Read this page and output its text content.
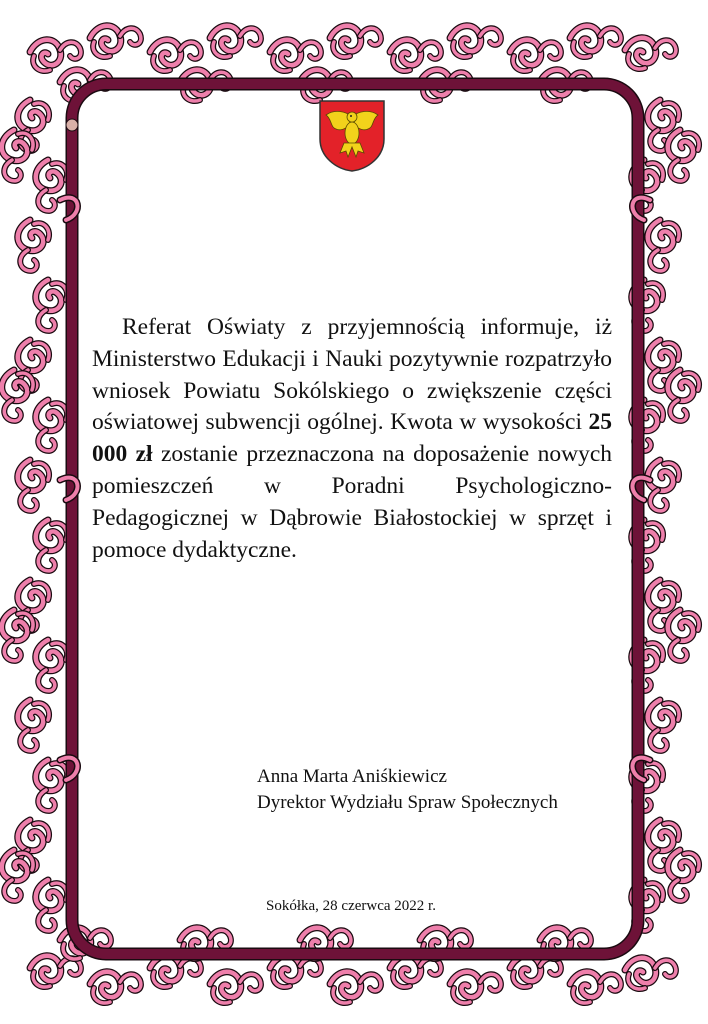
Referat Oświaty z przyjemnością informuje, iż Ministerstwo Edukacji i Nauki pozytywnie rozpatrzyło wniosek Powiatu Sokólskiego o zwiększenie części oświatowej subwencji ogólnej. Kwota w wysokości 25 000 zł zostanie przeznaczona na doposażenie nowych pomieszczeń w Poradni Psychologiczno-Pedagogicznej w Dąbrowie Białostockiej w sprzęt i pomoce dydaktyczne.
Anna Marta Aniśkiewicz
Dyrektor Wydziału Spraw Społecznych
Sokółka, 28 czerwca 2022 r.
